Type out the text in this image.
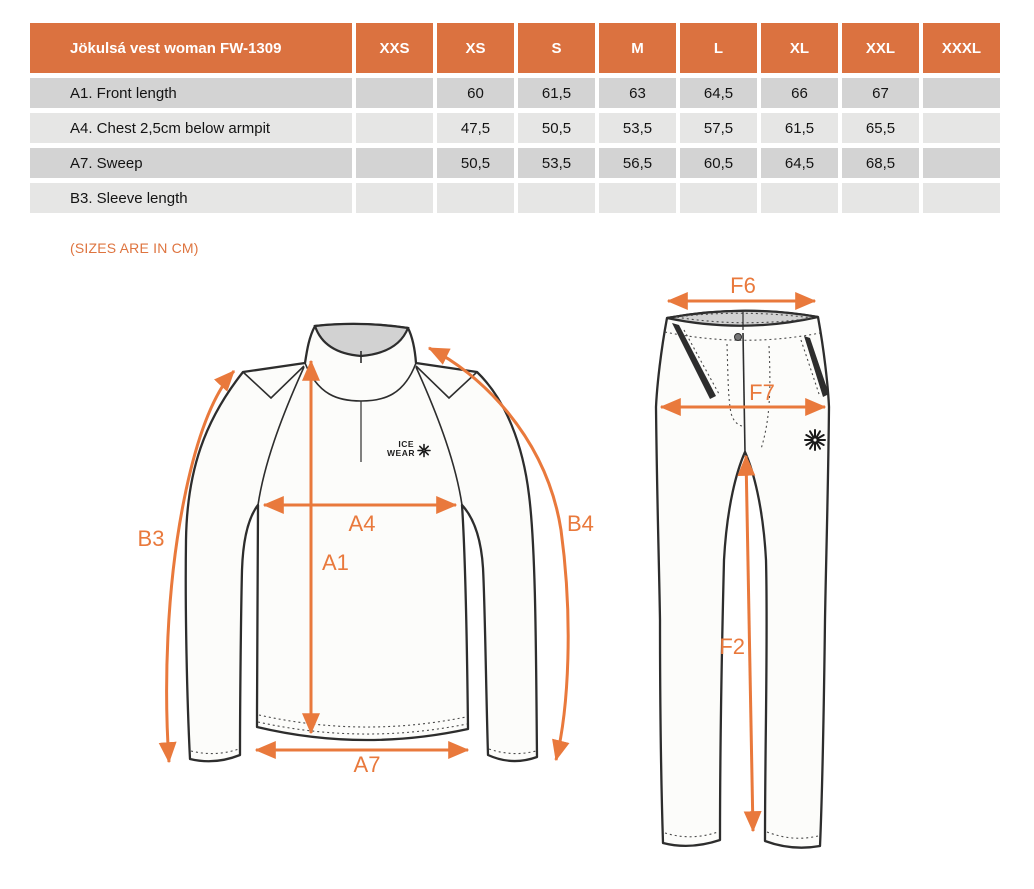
Jökulsá vest woman FW-1309	XXS	XS	S	M	L	XL	XXL	XXXL
A1. Front length		60	61,5	63	64,5	66	67	
A4. Chest 2,5cm below armpit		47,5	50,5	53,5	57,5	61,5	65,5	
A7. Sweep		50,5	53,5	56,5	60,5	64,5	68,5	
B3. Sleeve length								
(SIZES ARE IN CM)
ICE
WEAR
A1
A4
A7
B3
B4
F6
F7
F2
